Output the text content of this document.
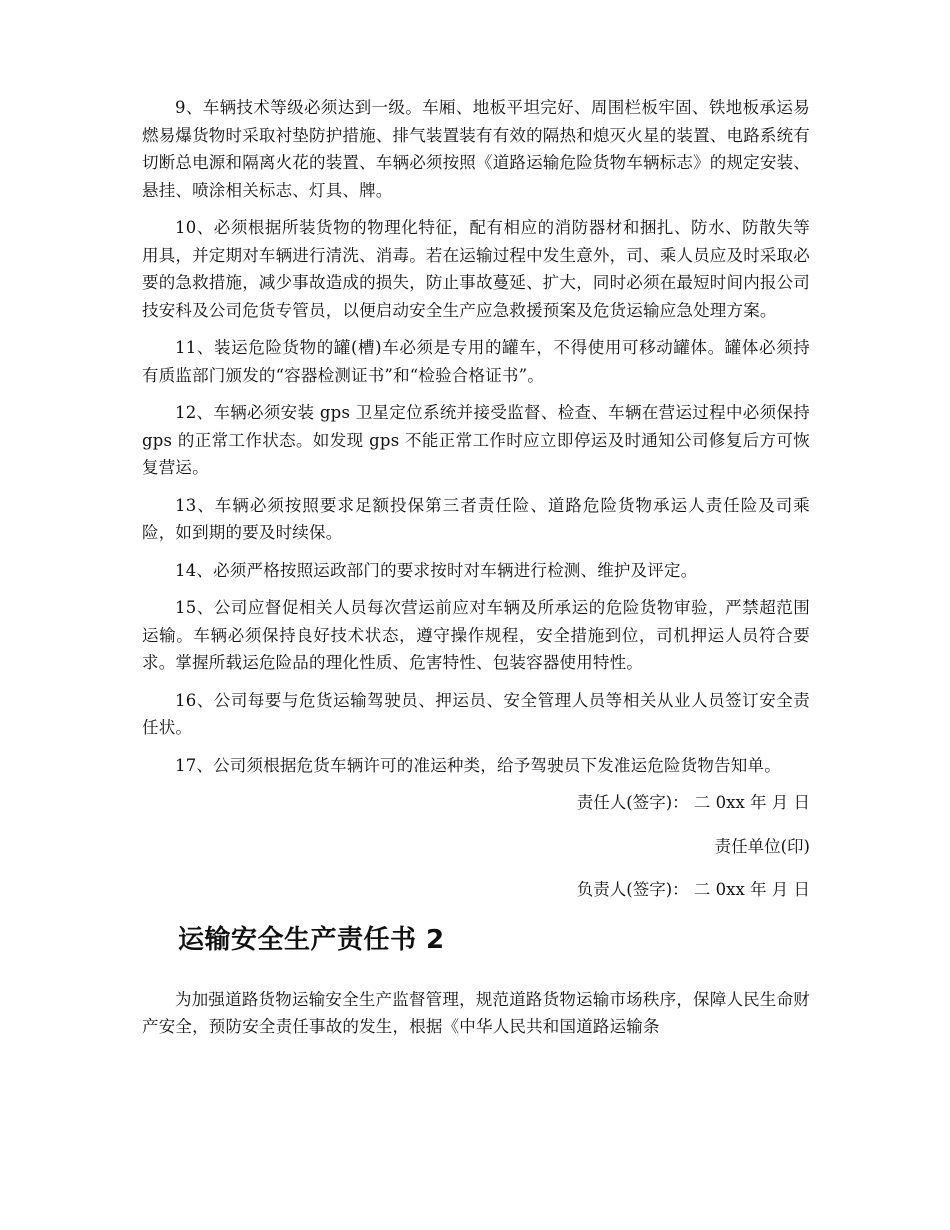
9、车辆技术等级必须达到一级。车厢、地板平坦完好、周围栏板牢固、铁地板承运易燃易爆货物时采取衬垫防护措施、排气装置装有有效的隔热和熄灭火星的装置、电路系统有切断总电源和隔离火花的装置、车辆必须按照《道路运输危险货物车辆标志》的规定安装、悬挂、喷涂相关标志、灯具、牌。

10、必须根据所装货物的物理化特征，配有相应的消防器材和捆扎、防水、防散失等用具，并定期对车辆进行清洗、消毒。若在运输过程中发生意外，司、乘人员应及时采取必要的急救措施，减少事故造成的损失，防止事故蔓延、扩大，同时必须在最短时间内报公司技安科及公司危货专管员，以便启动安全生产应急救援预案及危货运输应急处理方案。

11、装运危险货物的罐(槽)车必须是专用的罐车，不得使用可移动罐体。罐体必须持有质监部门颁发的“容器检测证书”和“检验合格证书”。

12、车辆必须安装 gps 卫星定位系统并接受监督、检查、车辆在营运过程中必须保持 gps 的正常工作状态。如发现 gps 不能正常工作时应立即停运及时通知公司修复后方可恢复营运。

13、车辆必须按照要求足额投保第三者责任险、道路危险货物承运人责任险及司乘险，如到期的要及时续保。

14、必须严格按照运政部门的要求按时对车辆进行检测、维护及评定。

15、公司应督促相关人员每次营运前应对车辆及所承运的危险货物审验，严禁超范围运输。车辆必须保持良好技术状态，遵守操作规程，安全措施到位，司机押运人员符合要求。掌握所载运危险品的理化性质、危害特性、包装容器使用特性。

16、公司每要与危货运输驾驶员、押运员、安全管理人员等相关从业人员签订安全责任状。

17、公司须根据危货车辆许可的准运种类，给予驾驶员下发准运危险货物告知单。

责任人(签字)： 二 0xx 年 月 日

责任单位(印)

负责人(签字)： 二 0xx 年 月 日

运输安全生产责任书 2

为加强道路货物运输安全生产监督管理，规范道路货物运输市场秩序，保障人民生命财产安全，预防安全责任事故的发生，根据《中华人民共和国道路运输条
